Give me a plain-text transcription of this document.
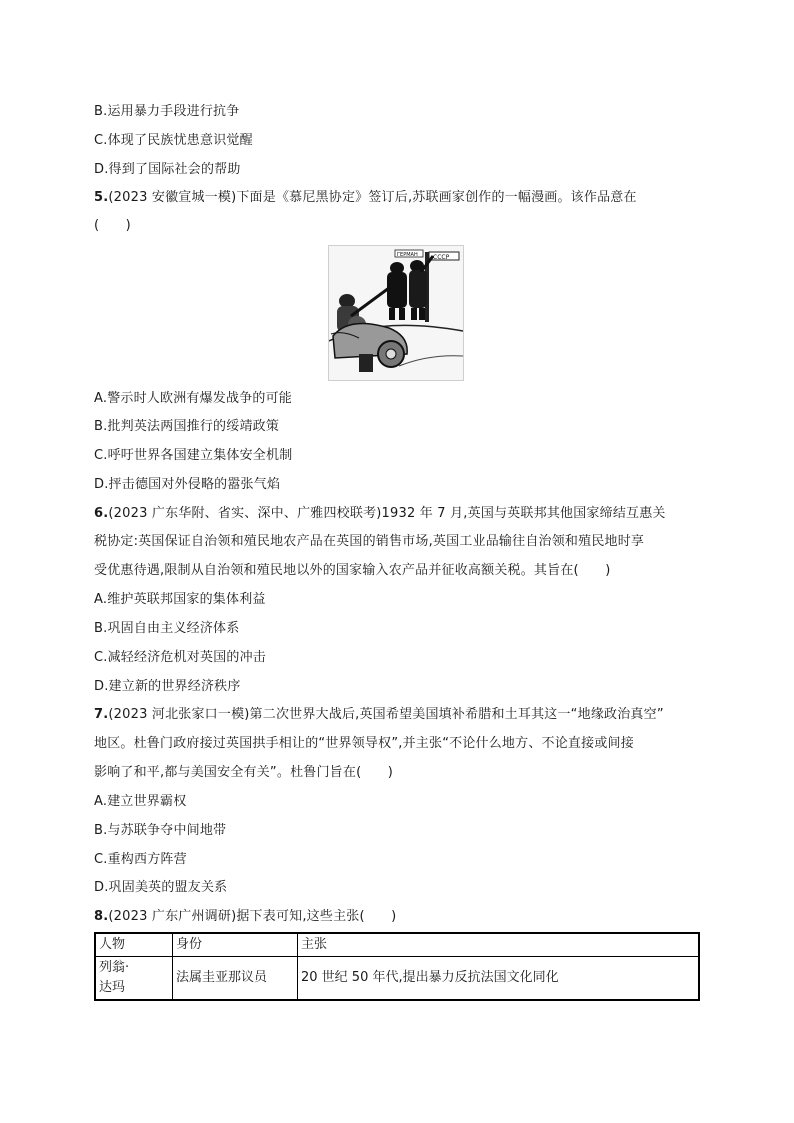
B.运用暴力手段进行抗争
C.体现了民族忧患意识觉醒
D.得到了国际社会的帮助
5.(2023 安徽宣城一模)下面是《慕尼黑协定》签订后,苏联画家创作的一幅漫画。该作品意在
(　　)
СССР
ГЕРМАН
A.警示时人欧洲有爆发战争的可能
B.批判英法两国推行的绥靖政策
C.呼吁世界各国建立集体安全机制
D.抨击德国对外侵略的嚣张气焰
6.(2023 广东华附、省实、深中、广雅四校联考)1932 年 7 月,英国与英联邦其他国家缔结互惠关
税协定:英国保证自治领和殖民地农产品在英国的销售市场,英国工业品输往自治领和殖民地时享
受优惠待遇,限制从自治领和殖民地以外的国家输入农产品并征收高额关税。其旨在(　　)
A.维护英联邦国家的集体利益
B.巩固自由主义经济体系
C.减轻经济危机对英国的冲击
D.建立新的世界经济秩序
7.(2023 河北张家口一模)第二次世界大战后,英国希望美国填补希腊和土耳其这一“地缘政治真空”
地区。杜鲁门政府接过英国拱手相让的“世界领导权”,并主张“不论什么地方、不论直接或间接
影响了和平,都与美国安全有关”。杜鲁门旨在(　　)
A.建立世界霸权
B.与苏联争夺中间地带
C.重构西方阵营
D.巩固美英的盟友关系
8.(2023 广东广州调研)据下表可知,这些主张(　　)
人物	身份	主张
列翁·
达玛	法属圭亚那议员	20 世纪 50 年代,提出暴力反抗法国文化同化
